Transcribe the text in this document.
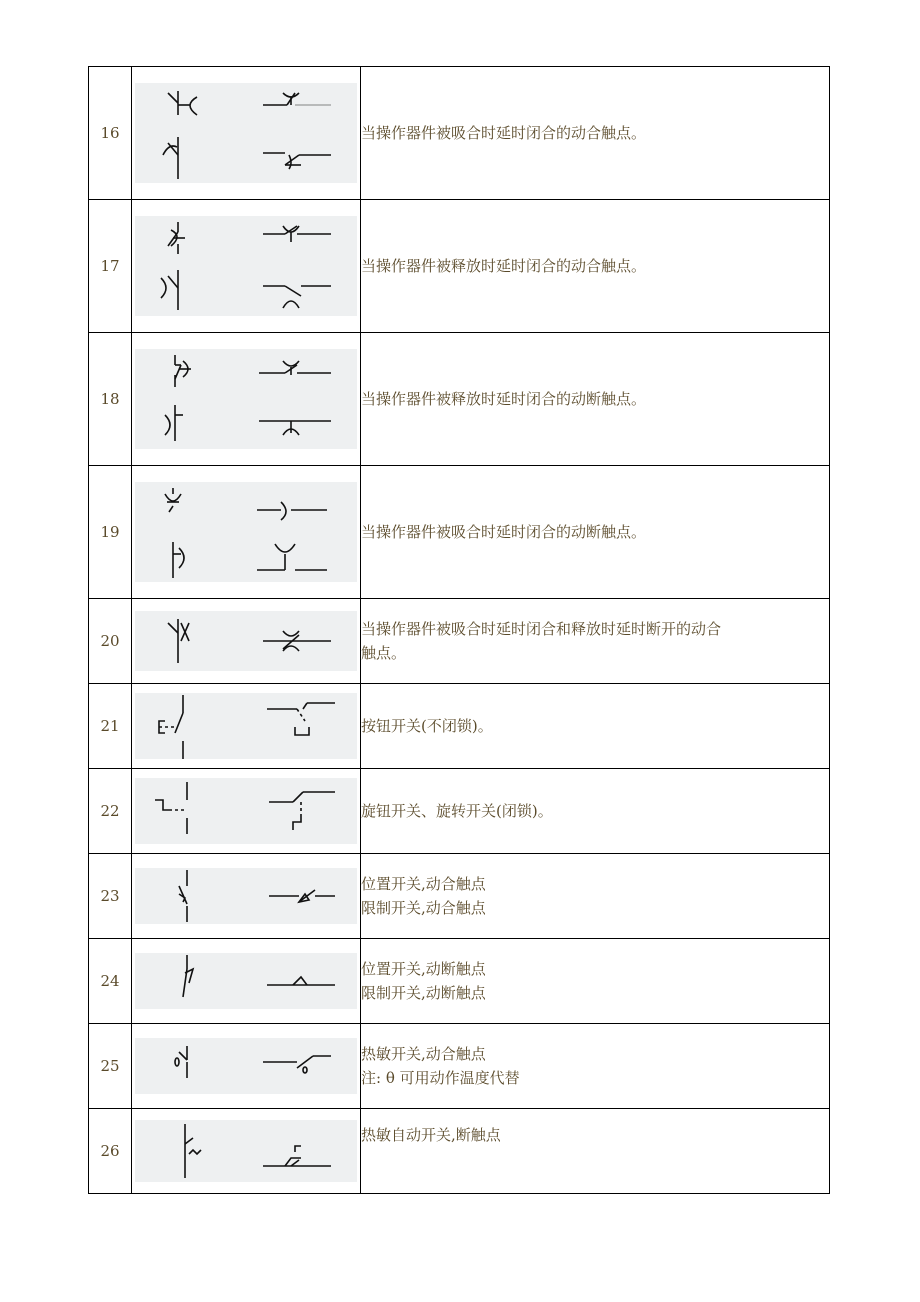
16		当操作器件被吸合时延时闭合的动合触点。

17		当操作器件被释放时延时闭合的动合触点。

18		当操作器件被释放时延时闭合的动断触点。

19		当操作器件被吸合时延时闭合的动断触点。

20		当操作器件被吸合时延时闭合和释放时延时断开的动合
触点。

21		按钮开关(不闭锁)。

22		旋钮开关、旋转开关(闭锁)。

23		位置开关,动合触点
限制开关,动合触点

24		位置开关,动断触点
限制开关,动断触点

25		热敏开关,动合触点
注: θ 可用动作温度代替

26		热敏自动开关,断触点
